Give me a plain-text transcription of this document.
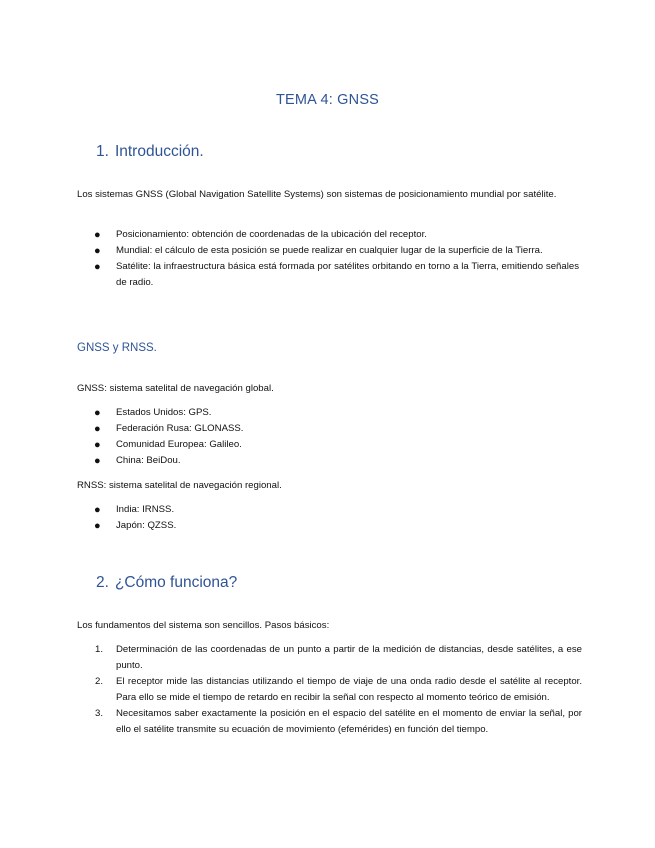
TEMA 4: GNSS
1. Introducción.
Los sistemas GNSS (Global Navigation Satellite Systems) son sistemas de posicionamiento mundial por satélite.
● Posicionamiento: obtención de coordenadas de la ubicación del receptor.
● Mundial: el cálculo de esta posición se puede realizar en cualquier lugar de la superficie de la Tierra.
● Satélite: la infraestructura básica está formada por satélites orbitando en torno a la Tierra, emitiendo señales de radio.
GNSS y RNSS.
GNSS: sistema satelital de navegación global.
● Estados Unidos: GPS.
● Federación Rusa: GLONASS.
● Comunidad Europea: Galileo.
● China: BeiDou.
RNSS: sistema satelital de navegación regional.
● India: IRNSS.
● Japón: QZSS.
2. ¿Cómo funciona?
Los fundamentos del sistema son sencillos. Pasos básicos:
1. Determinación de las coordenadas de un punto a partir de la medición de distancias, desde satélites, a ese punto.
2. El receptor mide las distancias utilizando el tiempo de viaje de una onda radio desde el satélite al receptor. Para ello se mide el tiempo de retardo en recibir la señal con respecto al momento teórico de emisión.
3. Necesitamos saber exactamente la posición en el espacio del satélite en el momento de enviar la señal, por ello el satélite transmite su ecuación de movimiento (efemérides) en función del tiempo.
